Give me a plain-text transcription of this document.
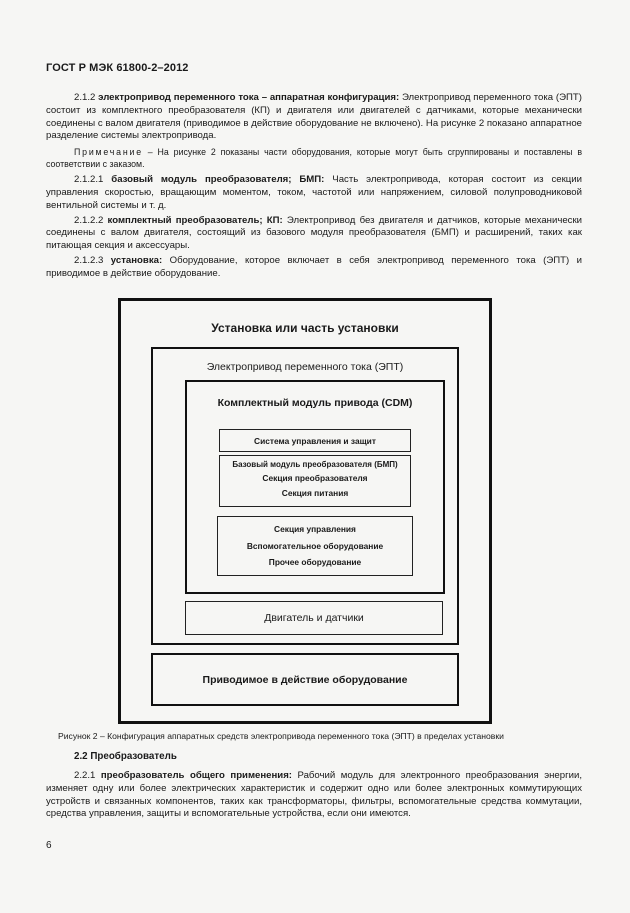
ГОСТ Р МЭК 61800-2–2012

2.1.2 электропривод переменного тока – аппаратная конфигурация: Электропривод переменного тока (ЭПТ) состоит из комплектного преобразователя (КП) и двигателя или двигателей с датчиками, которые механически соединены с валом двигателя (приводимое в действие оборудование не включено). На рисунке 2 показано аппаратное разделение системы электропривода.

Примечание – На рисунке 2 показаны части оборудования, которые могут быть сгруппированы и поставлены в соответствии с заказом.

2.1.2.1 базовый модуль преобразователя; БМП: Часть электропривода, которая состоит из секции управления скоростью, вращающим моментом, током, частотой или напряжением, силовой полупроводниковой вентильной системы и т. д.

2.1.2.2 комплектный преобразователь; КП: Электропривод без двигателя и датчиков, которые механически соединены с валом двигателя, состоящий из базового модуля преобразователя (БМП) и расширений, таких как питающая секция и аксессуары.

2.1.2.3 установка: Оборудование, которое включает в себя электропривод переменного тока (ЭПТ) и приводимое в действие оборудование.

Установка или часть установки
Электропривод переменного тока (ЭПТ)
Комплектный модуль привода (CDM)
Система управления и защит
Базовый модуль преобразователя (БМП)
Секция преобразователя
Секция питания
Секция управления
Вспомогательное оборудование
Прочее оборудование
Двигатель и датчики
Приводимое в действие оборудование
Рисунок 2 – Конфигурация аппаратных средств электропривода переменного тока (ЭПТ) в пределах установки
2.2 Преобразователь

2.2.1 преобразователь общего применения: Рабочий модуль для электронного преобразования энергии, изменяет одну или более электрических характеристик и содержит одно или более электронных коммутирующих устройств и связанных компонентов, таких как трансформаторы, фильтры, вспомогательные средства коммутации, средства управления, защиты и вспомогательные устройства, если они имеются.

6
